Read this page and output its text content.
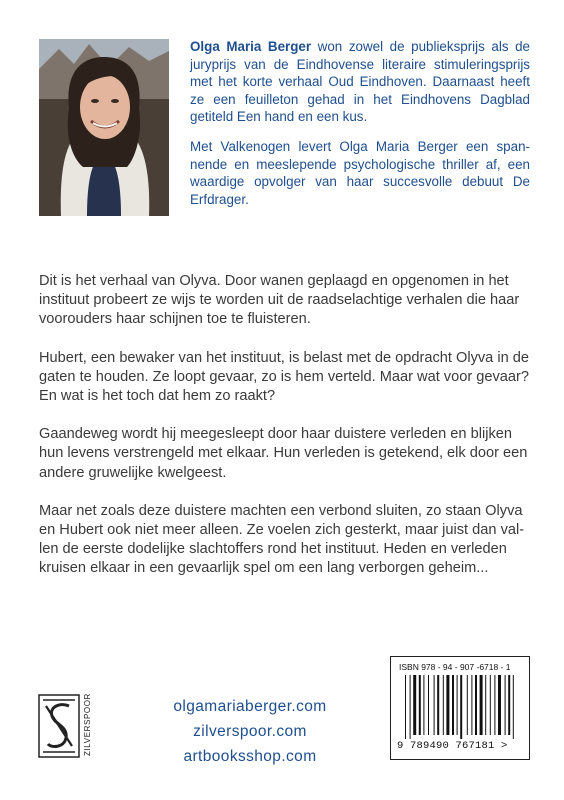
Olga Maria Berger won zowel de publieksprijs als de juryprijs van de Eindhovense literaire stimuleringsprijs met het korte verhaal Oud Eindhoven. Daarnaast heeft ze een feuilleton gehad in het Eindhovens Dagblad getiteld Een hand en een kus.

Met Valkenogen levert Olga Maria Berger een spannende en meeslepende psychologische thriller af, een waardige opvolger van haar succesvolle debuut De Erfdrager.

Dit is het verhaal van Olyva. Door wanen geplaagd en opgenomen in het instituut probeert ze wijs te worden uit de raadselachtige verhalen die haar voorouders haar schijnen toe te fluisteren.

Hubert, een bewaker van het instituut, is belast met de opdracht Olyva in de gaten te houden. Ze loopt gevaar, zo is hem verteld. Maar wat voor gevaar? En wat is het toch dat hem zo raakt?

Gaandeweg wordt hij meegesleept door haar duistere verleden en blijken hun levens verstrengeld met elkaar. Hun verleden is getekend, elk door een andere gruwelijke kwelgeest.

Maar net zoals deze duistere machten een verbond sluiten, zo staan Olyva en Hubert ook niet meer alleen. Ze voelen zich gesterkt, maar juist dan vallen de eerste dodelijke slachtoffers rond het instituut. Heden en verleden kruisen elkaar in een gevaarlijk spel om een lang verborgen geheim...

ZILVERSPOOR	olgamariaberger.com
zilverspoor.com
artbooksshop.com
ISBN 978 - 94 - 907 -6718 - 1
9 789490 767181 >
